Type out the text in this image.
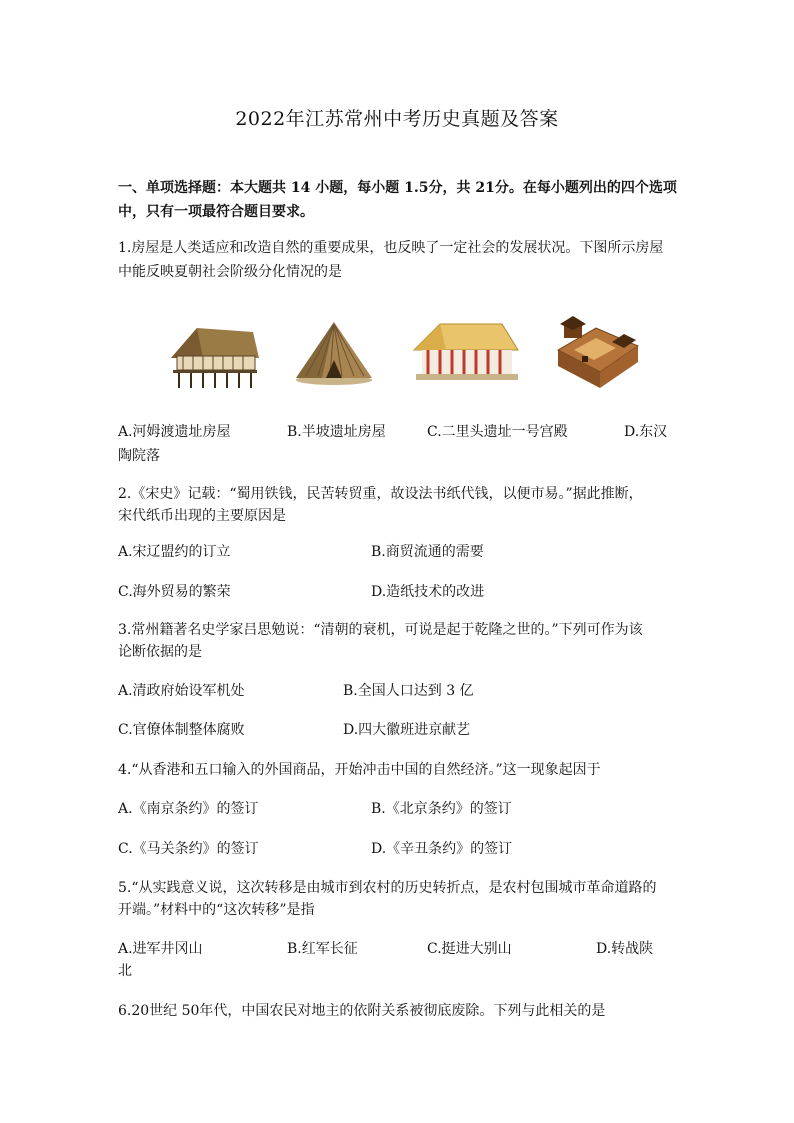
2022年江苏常州中考历史真题及答案
一、单项选择题：本大题共 14 小题，每小题 1.5分，共 21分。在每小题列出的四个选项
中，只有一项最符合题目要求。
1.房屋是人类适应和改造自然的重要成果，也反映了一定社会的发展状况。下图所示房屋
中能反映夏朝社会阶级分化情况的是
A.河姆渡遗址房屋	B.半坡遗址房屋	C.二里头遗址一号宫殿	D.东汉
陶院落
2.《宋史》记载：“蜀用铁钱，民苦转贸重，故设法书纸代钱，以便市易。”据此推断，
宋代纸币出现的主要原因是
A.宋辽盟约的订立	B.商贸流通的需要
C.海外贸易的繁荣	D.造纸技术的改进
3.常州籍著名史学家吕思勉说：“清朝的衰机，可说是起于乾隆之世的。”下列可作为该
论断依据的是
A.清政府始设军机处	B.全国人口达到 3 亿
C.官僚体制整体腐败	D.四大徽班进京献艺
4.“从香港和五口输入的外国商品，开始冲击中国的自然经济。”这一现象起因于
A.《南京条约》的签订	B.《北京条约》的签订
C.《马关条约》的签订	D.《辛丑条约》的签订
5.“从实践意义说，这次转移是由城市到农村的历史转折点，是农村包围城市革命道路的
开端。”材料中的“这次转移”是指
A.进军井冈山	B.红军长征	C.挺进大别山	D.转战陕
北
6.20世纪 50年代，中国农民对地主的依附关系被彻底废除。下列与此相关的是
